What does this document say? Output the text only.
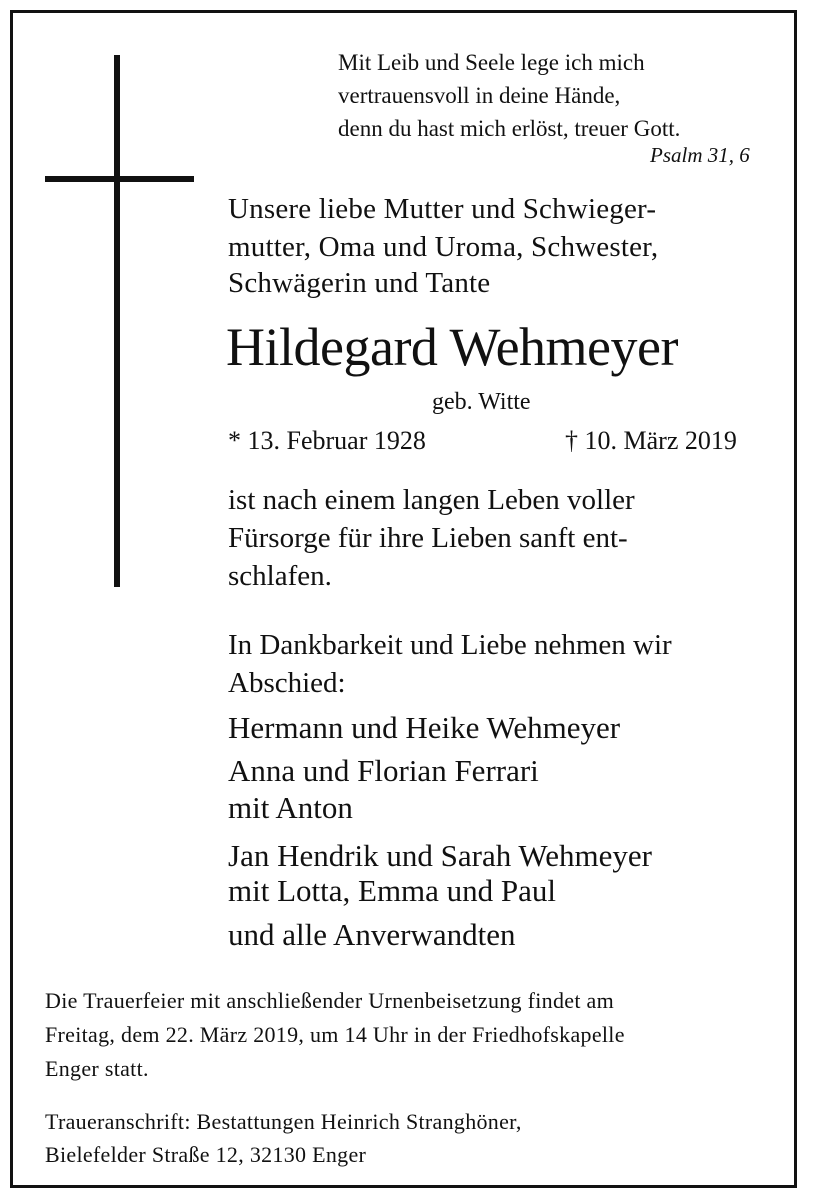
Mit Leib und Seele lege ich mich
vertrauensvoll in deine Hände,
denn du hast mich erlöst, treuer Gott.
Psalm 31, 6
Unsere liebe Mutter und Schwieger-
mutter, Oma und Uroma, Schwester,
Schwägerin und Tante
Hildegard Wehmeyer
geb. Witte
* 13. Februar 1928	† 10. März 2019
ist nach einem langen Leben voller
Fürsorge für ihre Lieben sanft ent-
schlafen.
In Dankbarkeit und Liebe nehmen wir
Abschied:
Hermann und Heike Wehmeyer
Anna und Florian Ferrari
mit Anton
Jan Hendrik und Sarah Wehmeyer
mit Lotta, Emma und Paul
und alle Anverwandten
Die Trauerfeier mit anschließender Urnenbeisetzung findet am
Freitag, dem 22. März 2019, um 14 Uhr in der Friedhofskapelle
Enger statt.
Traueranschrift: Bestattungen Heinrich Stranghöner,
Bielefelder Straße 12, 32130 Enger
